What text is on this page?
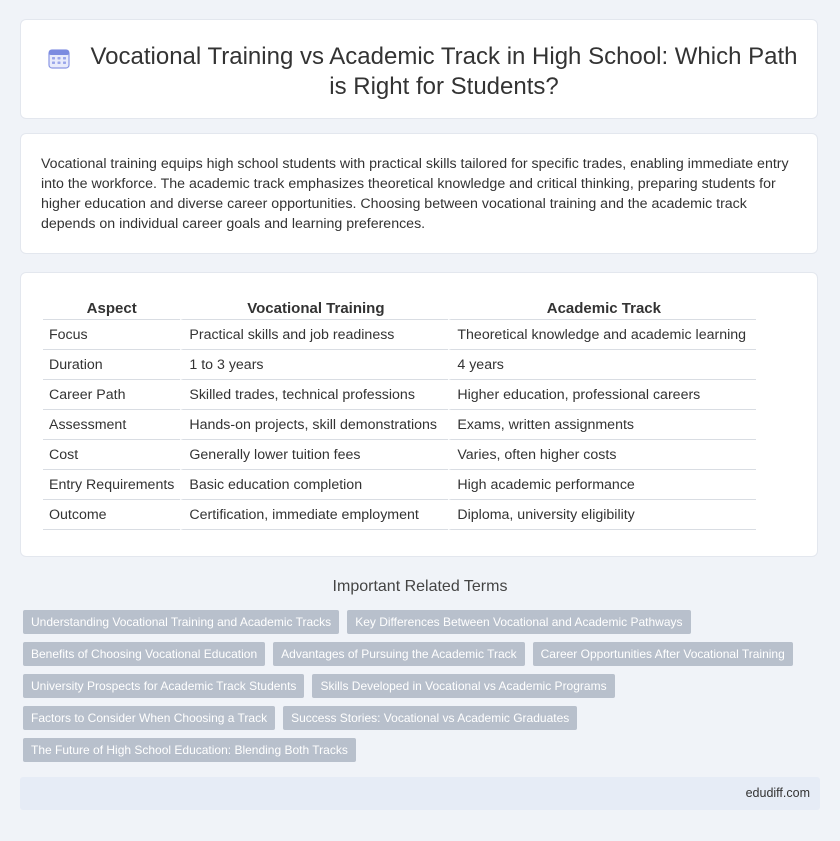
Vocational Training vs Academic Track in High School: Which Path is Right for Students?

Vocational training equips high school students with practical skills tailored for specific trades, enabling immediate entry into the workforce. The academic track emphasizes theoretical knowledge and critical thinking, preparing students for higher education and diverse career opportunities. Choosing between vocational training and the academic track depends on individual career goals and learning preferences.

Aspect	Vocational Training	Academic Track
Focus	Practical skills and job readiness	Theoretical knowledge and academic learning
Duration	1 to 3 years	4 years
Career Path	Skilled trades, technical professions	Higher education, professional careers
Assessment	Hands-on projects, skill demonstrations	Exams, written assignments
Cost	Generally lower tuition fees	Varies, often higher costs
Entry Requirements	Basic education completion	High academic performance
Outcome	Certification, immediate employment	Diploma, university eligibility
Important Related Terms
Understanding Vocational Training and Academic Tracks	Key Differences Between Vocational and Academic Pathways
Benefits of Choosing Vocational Education	Advantages of Pursuing the Academic Track	Career Opportunities After Vocational Training
University Prospects for Academic Track Students	Skills Developed in Vocational vs Academic Programs
Factors to Consider When Choosing a Track	Success Stories: Vocational vs Academic Graduates
The Future of High School Education: Blending Both Tracks
edudiff.com
